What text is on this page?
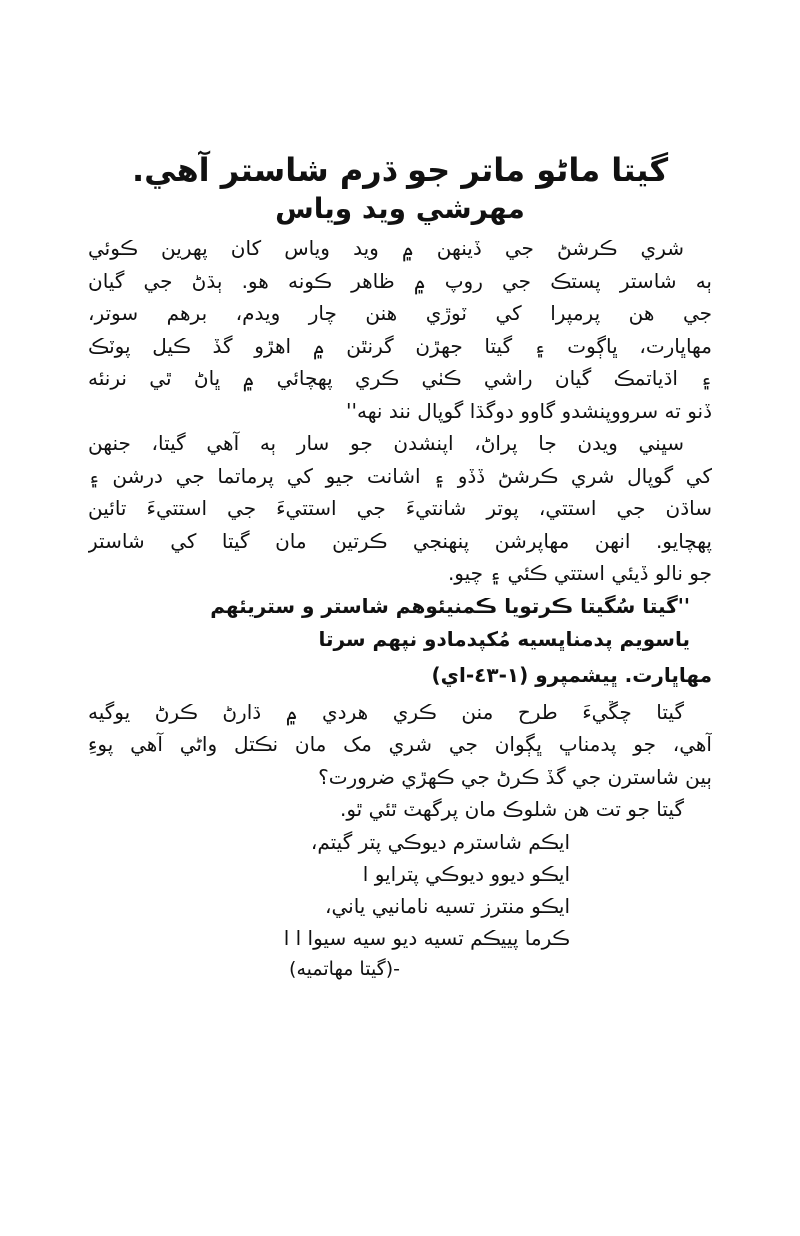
گيتا ماڻو ماتر جو ڌرم شاستر آهي.
مهرشي ويد وياس
شري ڪرشڻ جي ڏينهن ۾ ويد وياس کان پهرين ڪوئي
ٻه شاستر پستڪ جي روپ ۾ ظاهر ڪونه هو. ٻڌڻ جي گيان
جي هن پرمپرا کي ٽوڙي هنن چار ويدم، برهم سوتر،
مهاڀارت، ڀاڳوت ۽ گيتا جهڙن گرنٿن ۾ اهڙو گڏ ڪيل پوٽڪ
۽ اڌياتمڪ گيان راشي ڪٺي ڪري پهچائي ۾ ڀاڻ ٿي نرنئه
ڏنو ته سرووپنشدو گاوو دوگڌا گوپال نند نهه''
سڀني ويدن جا پراڻ، اپنشدن جو سار ٻه آهي گيتا، جنهن
کي گوپال شري ڪرشڻ ڏڏو ۽ اشانت جيو کي پرماتما جي درشن ۽
ساڌن جي استتي، پوتر شانتيءَ جي استتيءَ جي استتيءَ تائين
پهچايو. انهن مهاپرشن پنهنجي ڪرتين مان گيتا کي شاستر
جو نالو ڏيئي استتي ڪئي ۽ چيو.
''گيتا سُگيتا ڪرتويا ڪمنيئوهم شاستر و ستريئهم
ياسويم پدمناڀسيه مُکپدمادو نپهم سرتا
مهاڀارت. ڀيشمپرو (١-٤٣-اي)
گيتا چڱيءَ طرح منن ڪري هردي ۾ ڌارڻ ڪرڻ يوگيه
آهي، جو پدمناڀ ڀڳوان جي شري مک مان نڪتل واڻي آهي پوءِ
ٻين شاسترن جي گڏ ڪرڻ جي ڪهڙي ضرورت؟
گيتا جو تت هن شلوڪ مان پرگهٽ ٿئي ٿو.
ايڪم شاسترم ديوڪي پتر گيتم،
ايڪو ديوو ديوڪي پترايو ا
ايڪو منترز تسيه نامانيي ياني،
ڪرما پييڪم تسيه ديو سيه سيوا ا ا
-(گيتا مهاتميه)
